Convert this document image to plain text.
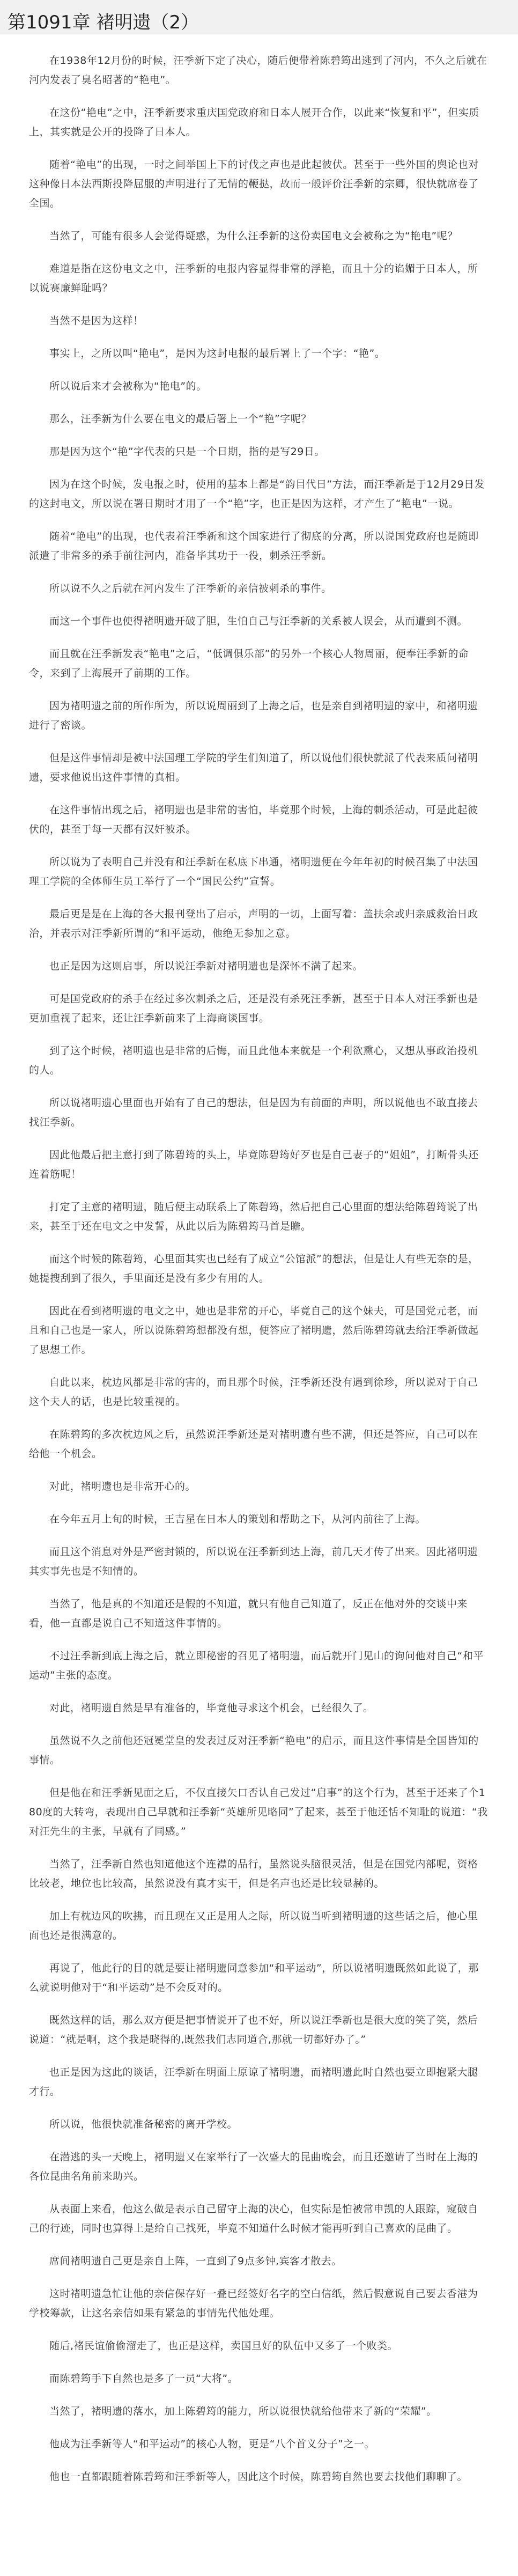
第1091章 褚明遗（2）

在1938年12月份的时候，汪季新下定了决心，随后便带着陈碧筠出逃到了河内，不久之后就在河内发表了臭名昭著的“艳电”。

在这份“艳电”之中，汪季新要求重庆国党政府和日本人展开合作，以此来“恢复和平”，但实质上，其实就是公开的投降了日本人。

随着“艳电”的出现，一时之间举国上下的讨伐之声也是此起彼伏。甚至于一些外国的舆论也对这种像日本法西斯投降屈服的声明进行了无情的鞭挞，故而一般评价汪季新的宗卿，很快就席卷了全国。

当然了，可能有很多人会觉得疑惑，为什么汪季新的这份卖国电文会被称之为“艳电”呢？

难道是指在这份电文之中，汪季新的电报内容显得非常的浮艳，而且十分的谄媚于日本人，所以说赛廉鲜耻吗？

当然不是因为这样！

事实上，之所以叫“艳电”，是因为这封电报的最后署上了一个字：“艳”。

所以说后来才会被称为“艳电”的。

那么，汪季新为什么要在电文的最后署上一个“艳”字呢？

那是因为这个“艳”字代表的只是一个日期，指的是写29日。

因为在这个时候，发电报之时，使用的基本上都是“韵目代日”方法，而汪季新是于12月29日发的这封电文，所以说在署日期时才用了一个“艳”字，也正是因为这样，才产生了“艳电”一说。

随着“艳电”的出现，也代表着汪季新和这个国家进行了彻底的分离，所以说国党政府也是随即派遣了非常多的杀手前往河内，准备毕其功于一役，刺杀汪季新。

所以说不久之后就在河内发生了汪季新的亲信被刺杀的事件。

而这一个事件也使得褚明遗开破了胆，生怕自己与汪季新的关系被人误会，从而遭到不测。

而且就在汪季新发表“艳电”之后，“低调俱乐部”的另外一个核心人物周丽，便奉汪季新的命令，来到了上海展开了前期的工作。

因为褚明遗之前的所作所为，所以说周丽到了上海之后，也是亲自到褚明遗的家中，和褚明遗进行了密谈。

但是这件事情却是被中法国理工学院的学生们知道了，所以说他们很快就派了代表来质问褚明遗，要求他说出这件事情的真相。

在这件事情出现之后，褚明遗也是非常的害怕，毕竟那个时候，上海的刺杀活动，可是此起彼伏的，甚至于每一天都有汉奸被杀。

所以说为了表明自己并没有和汪季新在私底下串通，褚明遗便在今年年初的时候召集了中法国理工学院的全体师生员工举行了一个“国民公约”宣誓。

最后更是是在上海的各大报刊登出了启示，声明的一切，上面写着：盖扶余或归亲戚救治日政治，并表示对汪季新所谓的“和平运动，他绝无参加之意。

也正是因为这则启事，所以说汪季新对褚明遗也是深怀不满了起来。

可是国党政府的杀手在经过多次刺杀之后，还是没有杀死汪季新，甚至于日本人对汪季新也是更加重视了起来，还让汪季新前来了上海商谈国事。

到了这个时候，褚明遗也是非常的后悔，而且此他本来就是一个利欲熏心，又想从事政治投机的人。

所以说褚明遗心里面也开始有了自己的想法，但是因为有前面的声明，所以说他也不敢直接去找汪季新。

因此他最后把主意打到了陈碧筠的头上，毕竟陈碧筠好歹也是自己妻子的“姐姐”，打断骨头还连着筋呢！

打定了主意的褚明遗，随后便主动联系上了陈碧筠，然后把自己心里面的想法给陈碧筠说了出来，甚至于还在电文之中发誓，从此以后为陈碧筠马首是瞻。

而这个时候的陈碧筠，心里面其实也已经有了成立“公馆派”的想法，但是让人有些无奈的是，她提搜刮到了很久，手里面还是没有多少有用的人。

因此在看到褚明遗的电文之中，她也是非常的开心，毕竟自己的这个妹夫，可是国党元老，而且和自己也是一家人，所以说陈碧筠想都没有想，便答应了褚明遗，然后陈碧筠就去给汪季新做起了思想工作。

自此以来，枕边风都是非常的害的，而且那个时候，汪季新还没有遇到徐珍，所以说对于自己这个夫人的话，也是比较重视的。

在陈碧筠的多次枕边风之后，虽然说汪季新还是对褚明遗有些不满，但还是答应，自己可以在给他一个机会。

对此，褚明遗也是非常开心的。

在今年五月上旬的时候，王吉星在日本人的策划和帮助之下，从河内前往了上海。

而且这个消息对外是严密封锁的，所以说在汪季新到达上海，前几天才传了出来。因此褚明遗其实事先也是不知情的。

当然了，他是真的不知道还是假的不知道，就只有他自己知道了，反正在他对外的交谈中来看，他一直都是说自己不知道这件事情的。

不过汪季新到底上海之后，就立即秘密的召见了褚明遗，而后就开门见山的询问他对自己“和平运动”主张的态度。

对此，褚明遗自然是早有准备的，毕竟他寻求这个机会，已经很久了。

虽然说不久之前他还冠冕堂皇的发表过反对汪季新“艳电”的启示，而且这件事情是全国皆知的事情。

但是他在和汪季新见面之后，不仅直接矢口否认自己发过“启事”的这个行为，甚至于还来了个180度的大转弯，表现出自己早就和汪季新“英雄所见略同”了起来，甚至于他还恬不知耻的说道：“我对汪先生的主张，早就有了同感。”

当然了，汪季新自然也知道他这个连襟的品行，虽然说头脑很灵活，但是在国党内部呢，资格比较老，地位也比较高，虽然说没有真才实干，但是名声也还是比较显赫的。

加上有枕边风的吹拂，而且现在又正是用人之际，所以说当听到褚明遗的这些话之后，他心里面也还是很满意的。

再说了，他此行的目的就是要让褚明遗同意参加“和平运动”，所以说褚明遗既然如此说了，那么就说明他对于“和平运动”是不会反对的。

既然这样的话，那么双方便是把事情说开了也不好，所以说汪季新也是很大度的笑了笑，然后说道：“就是啊，这个我是晓得的,既然我们志同道合,那就一切都好办了。”

也正是因为这此的谈话，汪季新在明面上原谅了褚明遗，而褚明遗此时自然也要立即抱紧大腿才行。

所以说，他很快就准备秘密的离开学校。

在潜逃的头一天晚上，褚明遗又在家举行了一次盛大的昆曲晚会，而且还邀请了当时在上海的各位昆曲名角前来助兴。

从表面上来看，他这么做是表示自己留守上海的决心，但实际是怕被常申凯的人跟踪，窥破自己的行迹，同时也算得上是给自己找死，毕竟不知道什么时候才能再听到自己喜欢的昆曲了。

席间褚明遗自己更是亲自上阵，一直到了9点多钟,宾客才散去。

这时褚明遗急忙让他的亲信保存好一叠已经签好名字的空白信纸，然后假意说自己要去香港为学校筹款，让这名亲信如果有紧急的事情先代他处理。

随后,褚民谊偷偷溜走了，也正是这样，卖国旦好的队伍中又多了一个败类。

而陈碧筠手下自然也是多了一员“大将”。

当然了，褚明遗的落水，加上陈碧筠的能力，所以说很快就给他带来了新的“荣耀”。

他成为汪季新等人“和平运动”的核心人物，更是“八个首义分子”之一。

他也一直都跟随着陈碧筠和汪季新等人，因此这个时候，陈碧筠自然也要去找他们聊聊了。
